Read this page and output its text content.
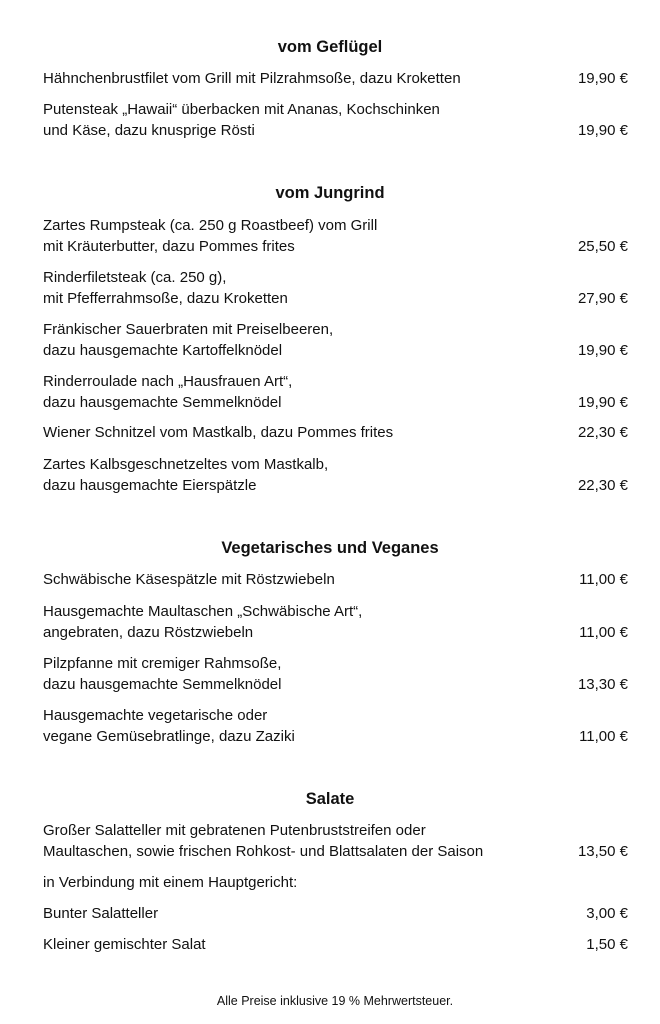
vom Geflügel
Hähnchenbrustfilet vom Grill mit Pilzrahmsoße, dazu Kroketten	19,90 €
Putensteak „Hawaii“ überbacken mit Ananas, Kochschinken
und Käse, dazu knusprige Rösti	19,90 €
vom Jungrind
Zartes Rumpsteak (ca. 250 g Roastbeef) vom Grill
mit Kräuterbutter, dazu Pommes frites	25,50 €
Rinderfiletsteak (ca. 250 g),
mit Pfefferrahmsoße, dazu Kroketten	27,90 €
Fränkischer Sauerbraten mit Preiselbeeren,
dazu hausgemachte Kartoffelknödel	19,90 €
Rinderroulade nach „Hausfrauen Art“,
dazu hausgemachte Semmelknödel	19,90 €
Wiener Schnitzel vom Mastkalb, dazu Pommes frites	22,30 €
Zartes Kalbsgeschnetzeltes vom Mastkalb,
dazu hausgemachte Eierspätzle	22,30 €
Vegetarisches und Veganes
Schwäbische Käsespätzle mit Röstzwiebeln	11,00 €
Hausgemachte Maultaschen „Schwäbische Art“,
angebraten, dazu Röstzwiebeln	11,00 €
Pilzpfanne mit cremiger Rahmsoße,
dazu hausgemachte Semmelknödel	13,30 €
Hausgemachte vegetarische oder
vegane Gemüsebratlinge, dazu Zaziki	11,00 €
Salate
Großer Salatteller mit gebratenen Putenbruststreifen oder
Maultaschen, sowie frischen Rohkost- und Blattsalaten der Saison	13,50 €
in Verbindung mit einem Hauptgericht:
Bunter Salatteller	3,00 €
Kleiner gemischter Salat	1,50 €
Alle Preise inklusive 19 % Mehrwertsteuer.
